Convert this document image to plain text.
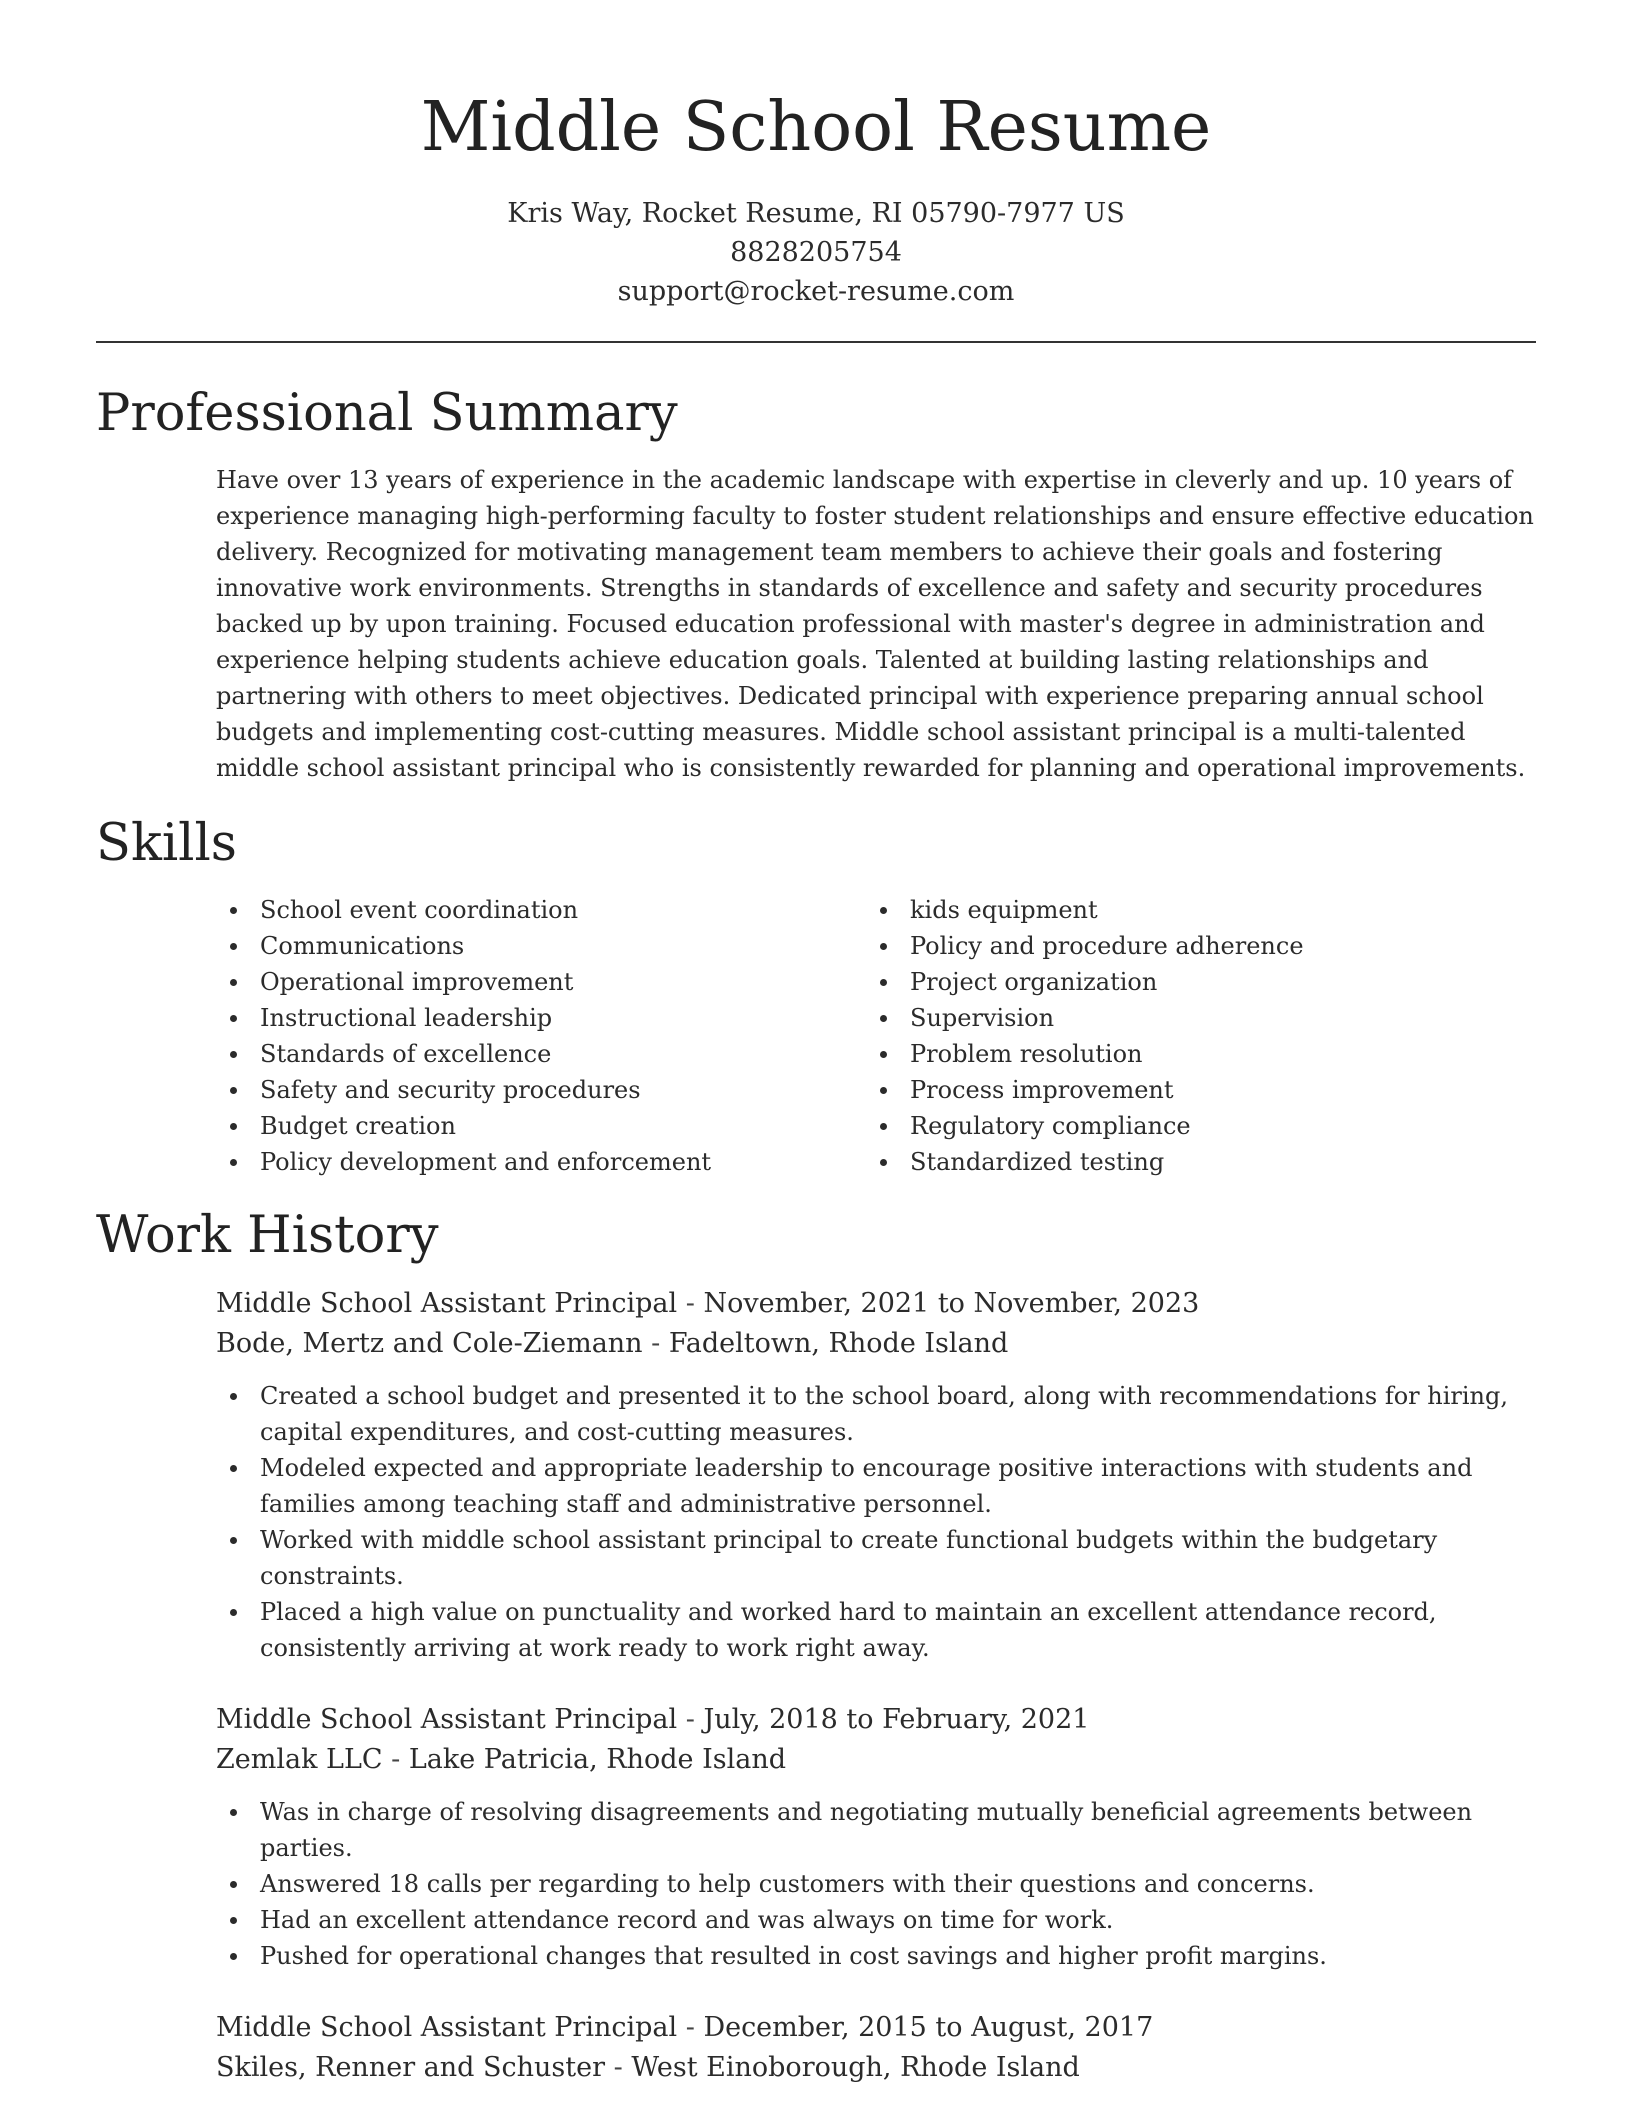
Middle School Resume

Kris Way, Rocket Resume, RI 05790-7977 US

8828205754

support@rocket-resume.com

Professional Summary

Have over 13 years of experience in the academic landscape with expertise in cleverly and up. 10 years of experience managing high-performing faculty to foster student relationships and ensure effective education delivery. Recognized for motivating management team members to achieve their goals and fostering innovative work environments. Strengths in standards of excellence and safety and security procedures backed up by upon training. Focused education professional with master's degree in administration and experience helping students achieve education goals. Talented at building lasting relationships and partnering with others to meet objectives. Dedicated principal with experience preparing annual school budgets and implementing cost-cutting measures. Middle school assistant principal is a multi-talented middle school assistant principal who is consistently rewarded for planning and operational improvements.

Skills
School event coordination
Communications
Operational improvement
Instructional leadership
Standards of excellence
Safety and security procedures
Budget creation
Policy development and enforcement
kids equipment
Policy and procedure adherence
Project organization
Supervision
Problem resolution
Process improvement
Regulatory compliance
Standardized testing
Work History

Middle School Assistant Principal - November, 2021 to November, 2023

Bode, Mertz and Cole-Ziemann - Fadeltown, Rhode Island

Created a school budget and presented it to the school board, along with recommendations for hiring, capital expenditures, and cost-cutting measures.
Modeled expected and appropriate leadership to encourage positive interactions with students and families among teaching staff and administrative personnel.
Worked with middle school assistant principal to create functional budgets within the budgetary constraints.
Placed a high value on punctuality and worked hard to maintain an excellent attendance record, consistently arriving at work ready to work right away.

Middle School Assistant Principal - July, 2018 to February, 2021

Zemlak LLC - Lake Patricia, Rhode Island

Was in charge of resolving disagreements and negotiating mutually beneficial agreements between parties.
Answered 18 calls per regarding to help customers with their questions and concerns.
Had an excellent attendance record and was always on time for work.
Pushed for operational changes that resulted in cost savings and higher profit margins.

Middle School Assistant Principal - December, 2015 to August, 2017

Skiles, Renner and Schuster - West Einoborough, Rhode Island
